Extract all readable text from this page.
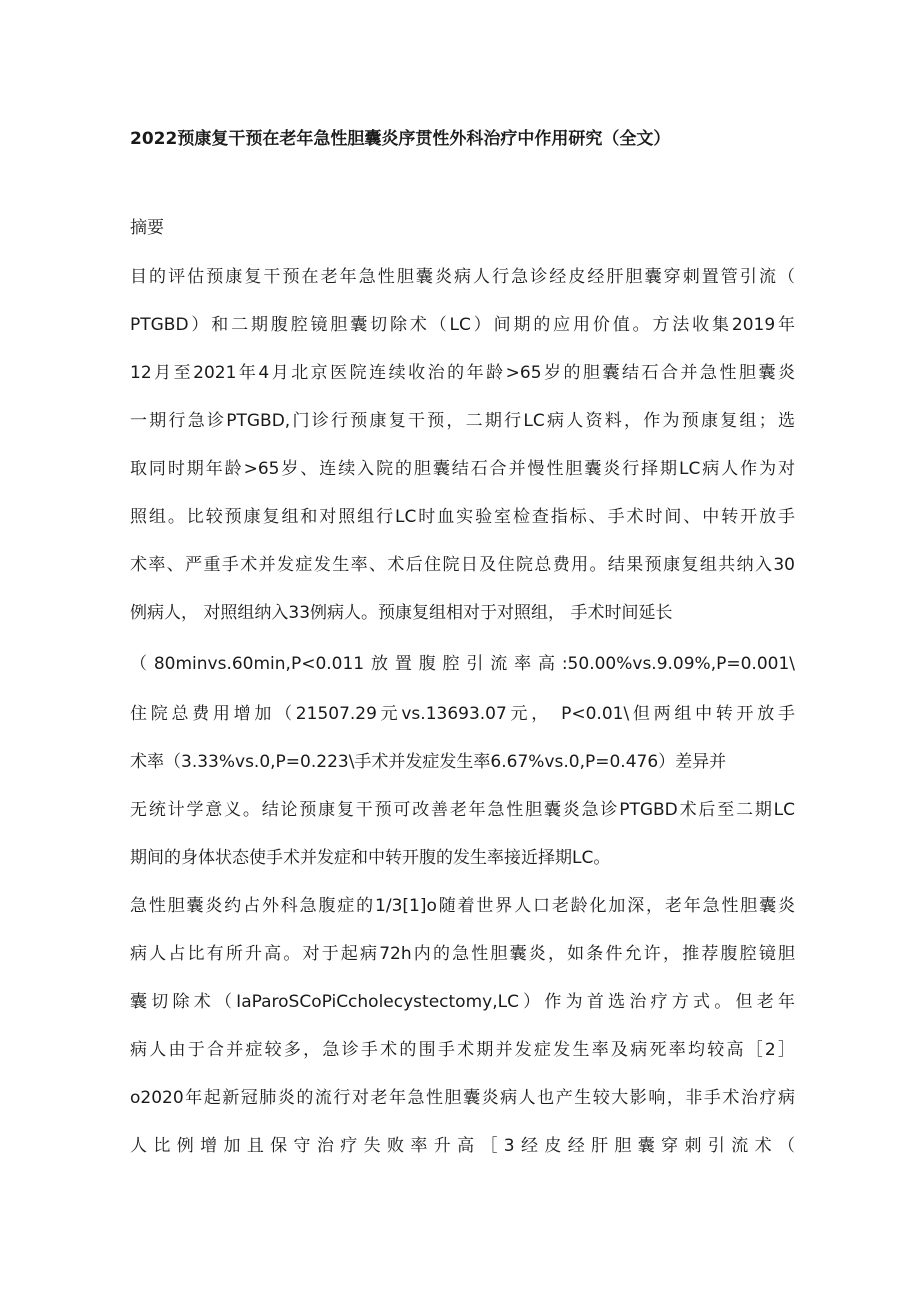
2022预康复干预在老年急性胆囊炎序贯性外科治疗中作用研究（全文）
摘要
目的评估预康复干预在老年急性胆囊炎病人行急诊经皮经肝胆囊穿刺置管引流（
PTGBD）和二期腹腔镜胆囊切除术（LC）间期的应用价值。方法收集2019年
12月至2021年4月北京医院连续收治的年龄>65岁的胆囊结石合并急性胆囊炎
一期行急诊PTGBD,门诊行预康复干预，二期行LC病人资料，作为预康复组；选
取同时期年龄>65岁、连续入院的胆囊结石合并慢性胆囊炎行择期LC病人作为对
照组。比较预康复组和对照组行LC时血实验室检查指标、手术时间、中转开放手
术率、严重手术并发症发生率、术后住院日及住院总费用。结果预康复组共纳入30
例病人， 对照组纳入33例病人。预康复组相对于对照组， 手术时间延长
（80minvs.60min,P<0.011放置腹腔引流率高:50.00%vs.9.09%,P=0.001\
住院总费用增加（21507.29元vs.13693.07元， P<0.01\但两组中转开放手
术率（3.33%vs.0,P=0.223\手术并发症发生率6.67%vs.0,P=0.476）差异并
无统计学意义。结论预康复干预可改善老年急性胆囊炎急诊PTGBD术后至二期LC
期间的身体状态使手术并发症和中转开腹的发生率接近择期LC。
急性胆囊炎约占外科急腹症的1/3[1]o随着世界人口老龄化加深，老年急性胆囊炎
病人占比有所升高。对于起病72h内的急性胆囊炎，如条件允许，推荐腹腔镜胆
囊切除术（IaParoSCoPiCcholecystectomy,LC）作为首选治疗方式。但老年
病人由于合并症较多，急诊手术的围手术期并发症发生率及病死率均较高［2］
o2020年起新冠肺炎的流行对老年急性胆囊炎病人也产生较大影响，非手术治疗病
人比例增加且保守治疗失败率升高［3经皮经肝胆囊穿刺引流术（
